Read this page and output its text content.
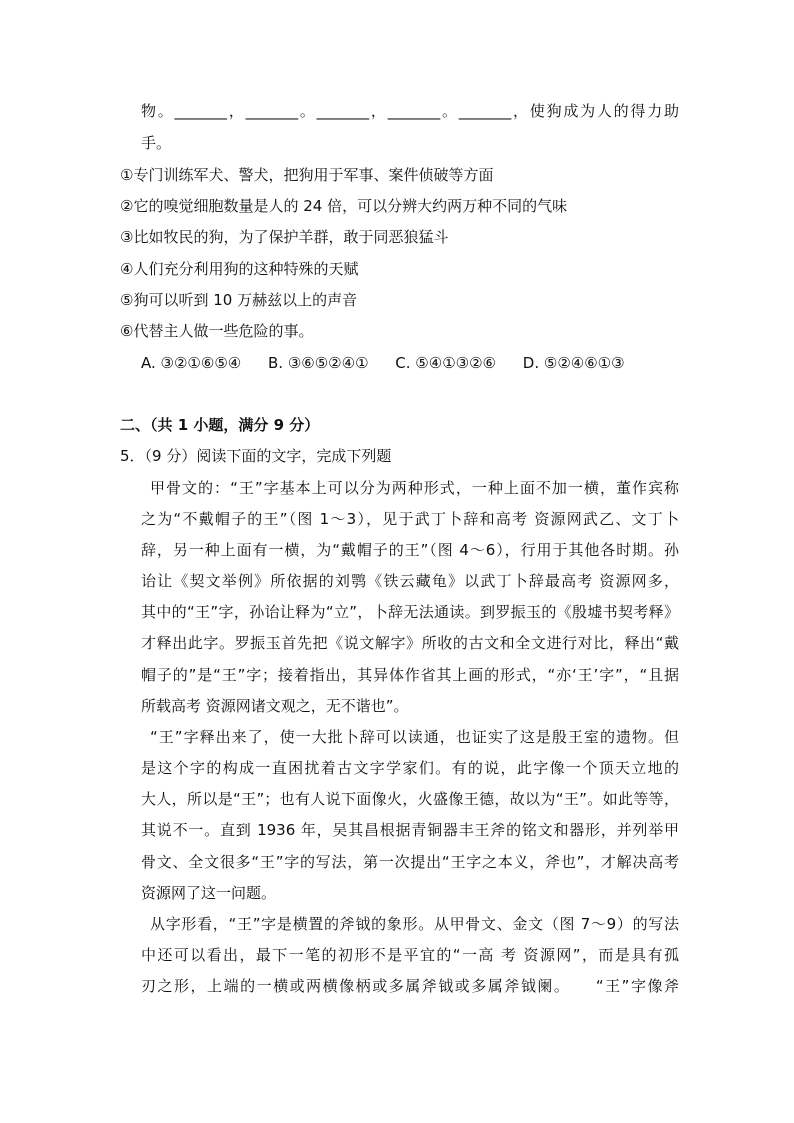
物。_______，_______。_______，_______。_______，使狗成为人的得力助
手。
①专门训练军犬、警犬，把狗用于军事、案件侦破等方面
②它的嗅觉细胞数量是人的 24 倍，可以分辨大约两万种不同的气味
③比如牧民的狗，为了保护羊群，敢于同恶狼猛斗
④人们充分利用狗的这种特殊的天赋
⑤狗可以听到 10 万赫兹以上的声音
⑥代替主人做一些危险的事。
A. ③②①⑥⑤④ B. ③⑥⑤②④① C. ⑤④①③②⑥ D. ⑤②④⑥①③
二、（共 1 小题，满分 9 分）
5．（9 分）阅读下面的文字，完成下列题
甲骨文的：“王”字基本上可以分为两种形式，一种上面不加一横，董作宾称
之为“不戴帽子的王”（图 1～3），见于武丁卜辞和高考 资源网武乙、文丁卜
辞，另一种上面有一横，为“戴帽子的王”（图 4～6），行用于其他各时期。孙
诒让《契文举例》所依据的刘鹗《铁云藏龟》以武丁卜辞最高考 资源网多，
其中的“王”字，孙诒让释为“立”，卜辞无法通读。到罗振玉的《殷墟书契考释》
才释出此字。罗振玉首先把《说文解字》所收的古文和全文进行对比，释出“戴
帽子的”是“王”字；接着指出，其异体作省其上画的形式，“亦‘王’字”，“且据
所载高考 资源网诸文观之，无不谐也”。
“王”字释出来了，使一大批卜辞可以读通，也证实了这是殷王室的遗物。但
是这个字的构成一直困扰着古文字学家们。有的说，此字像一个顶天立地的
大人，所以是“王”；也有人说下面像火，火盛像王德，故以为“王”。如此等等，
其说不一。直到 1936 年，吴其昌根据青铜器丰王斧的铭文和器形，并列举甲
骨文、全文很多“王”字的写法，第一次提出“王字之本义，斧也”，才解决高考
资源网了这一问题。
从字形看，“王”字是横置的斧钺的象形。从甲骨文、金文（图 7～9）的写法
中还可以看出，最下一笔的初形不是平宜的“一高 考 资源网”，而是具有孤
刃之形，上端的一横或两横像柄或多属斧钺或多属斧钺阑。　　“王”字像斧
